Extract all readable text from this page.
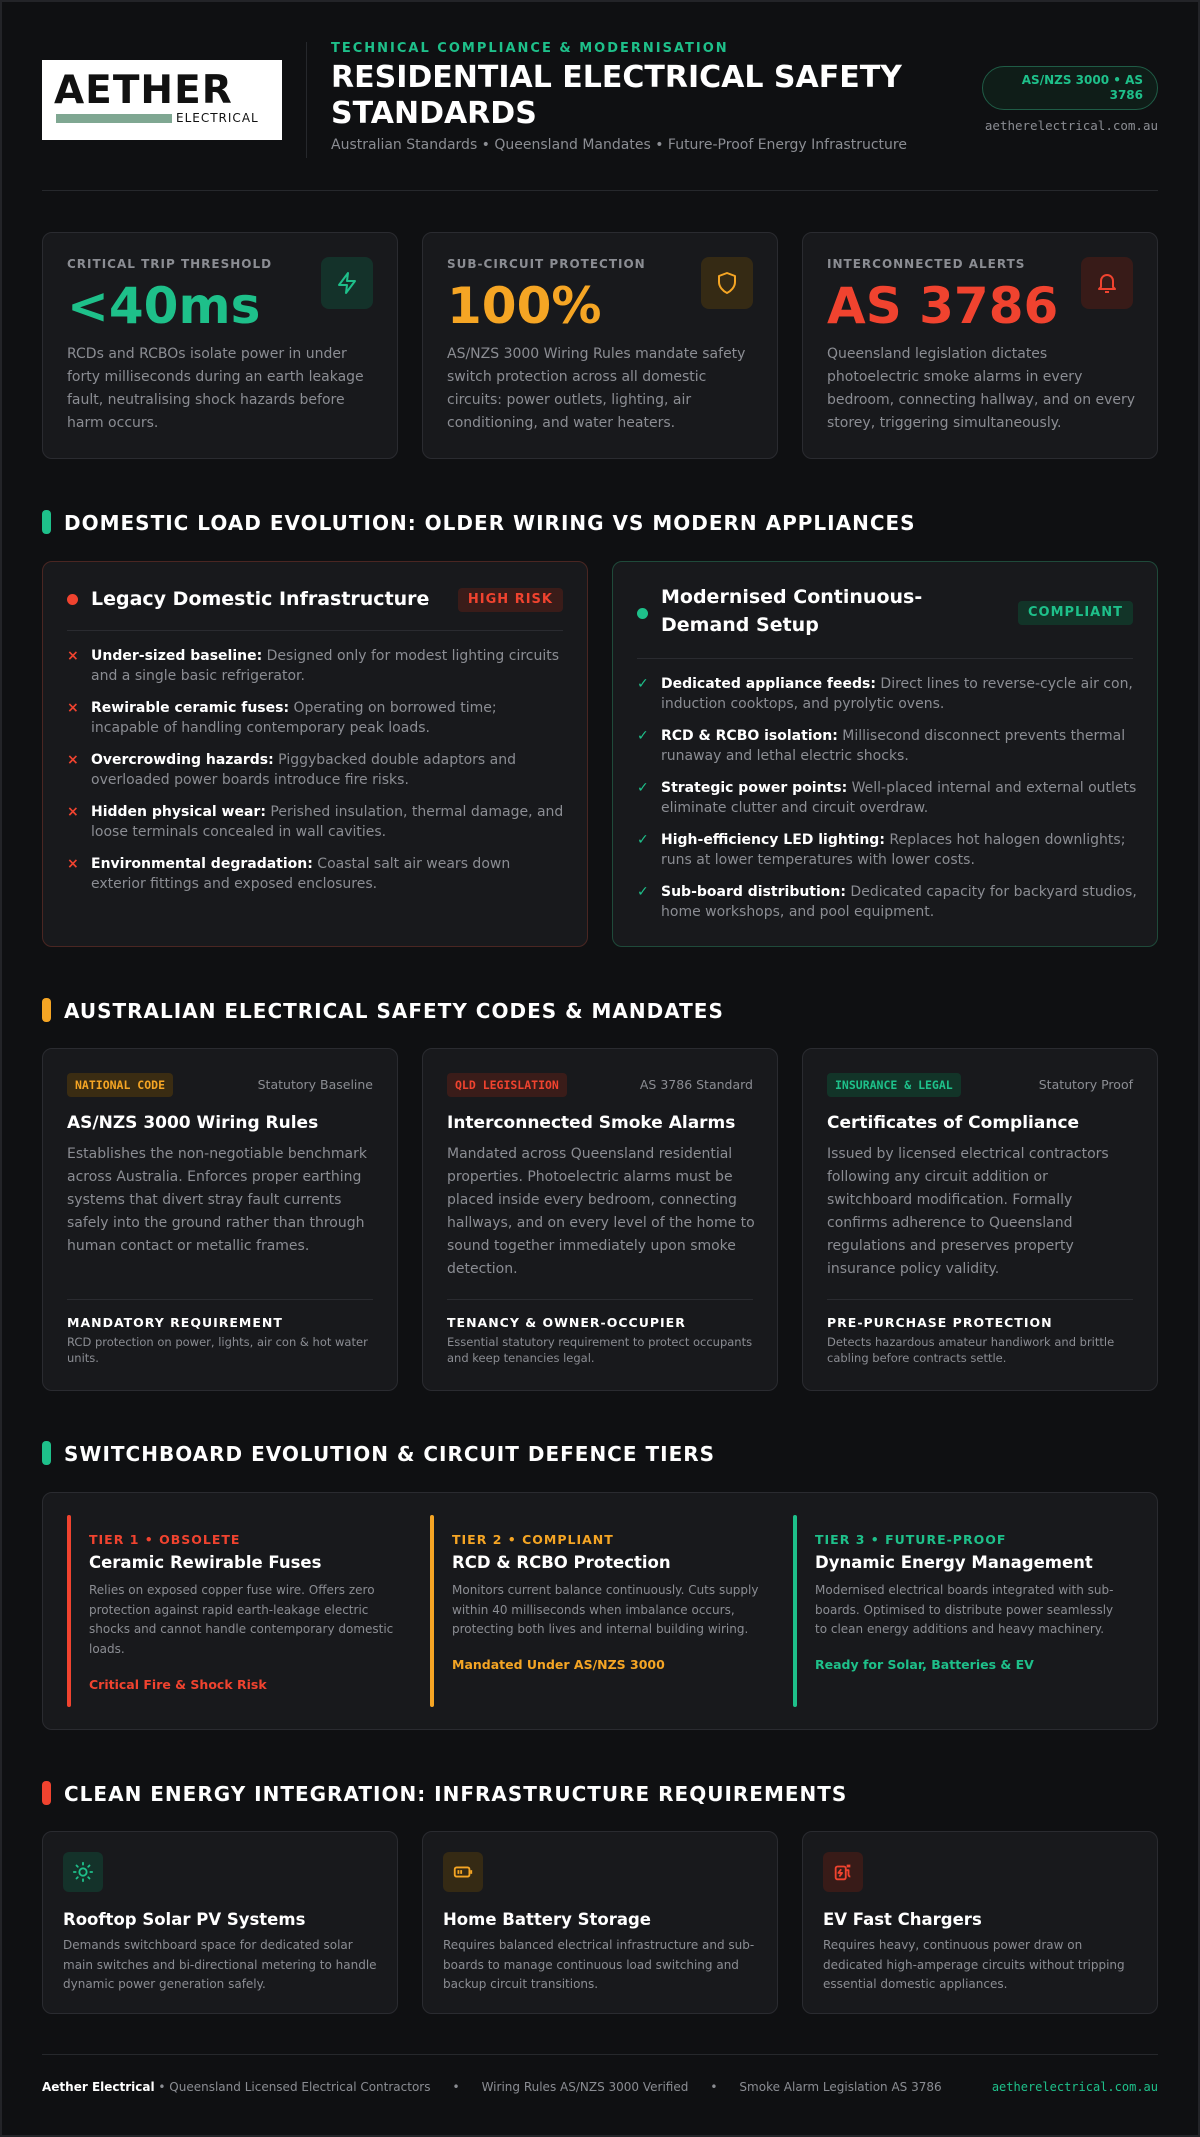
AETHER
ELECTRICAL
TECHNICAL COMPLIANCE & MODERNISATION
RESIDENTIAL ELECTRICAL SAFETY STANDARDS
Australian Standards • Queensland Mandates • Future-Proof Energy Infrastructure
AS/NZS 3000 • AS 3786
aetherelectrical.com.au
CRITICAL TRIP THRESHOLD
<40ms
RCDs and RCBOs isolate power in under forty milliseconds during an earth leakage fault, neutralising shock hazards before harm occurs.
SUB-CIRCUIT PROTECTION
100%
AS/NZS 3000 Wiring Rules mandate safety switch protection across all domestic circuits: power outlets, lighting, air conditioning, and water heaters.
INTERCONNECTED ALERTS
AS 3786
Queensland legislation dictates photoelectric smoke alarms in every bedroom, connecting hallway, and on every storey, triggering simultaneously.
DOMESTIC LOAD EVOLUTION: OLDER WIRING VS MODERN APPLIANCES
Legacy Domestic Infrastructure	HIGH RISK
× Under-sized baseline: Designed only for modest lighting circuits and a single basic refrigerator.
× Rewirable ceramic fuses: Operating on borrowed time; incapable of handling contemporary peak loads.
× Overcrowding hazards: Piggybacked double adaptors and overloaded power boards introduce fire risks.
× Hidden physical wear: Perished insulation, thermal damage, and loose terminals concealed in wall cavities.
× Environmental degradation: Coastal salt air wears down exterior fittings and exposed enclosures.
Modernised Continuous-Demand Setup
COMPLIANT
✓ Dedicated appliance feeds: Direct lines to reverse-cycle air con, induction cooktops, and pyrolytic ovens.
✓ RCD & RCBO isolation: Millisecond disconnect prevents thermal runaway and lethal electric shocks.
✓ Strategic power points: Well-placed internal and external outlets eliminate clutter and circuit overdraw.
✓ High-efficiency LED lighting: Replaces hot halogen downlights; runs at lower temperatures with lower costs.
✓ Sub-board distribution: Dedicated capacity for backyard studios, home workshops, and pool equipment.
AUSTRALIAN ELECTRICAL SAFETY CODES & MANDATES
NATIONAL CODE	Statutory Baseline
AS/NZS 3000 Wiring Rules
Establishes the non-negotiable benchmark across Australia. Enforces proper earthing systems that divert stray fault currents safely into the ground rather than through human contact or metallic frames.
MANDATORY REQUIREMENT
RCD protection on power, lights, air con & hot water units.
QLD LEGISLATION	AS 3786 Standard
Interconnected Smoke Alarms
Mandated across Queensland residential properties. Photoelectric alarms must be placed inside every bedroom, connecting hallways, and on every level of the home to sound together immediately upon smoke detection.
TENANCY & OWNER-OCCUPIER
Essential statutory requirement to protect occupants and keep tenancies legal.
INSURANCE & LEGAL	Statutory Proof
Certificates of Compliance
Issued by licensed electrical contractors following any circuit addition or switchboard modification. Formally confirms adherence to Queensland regulations and preserves property insurance policy validity.
PRE-PURCHASE PROTECTION
Detects hazardous amateur handiwork and brittle cabling before contracts settle.
SWITCHBOARD EVOLUTION & CIRCUIT DEFENCE TIERS
TIER 1 • OBSOLETE
Ceramic Rewirable Fuses
Relies on exposed copper fuse wire. Offers zero protection against rapid earth-leakage electric shocks and cannot handle contemporary domestic loads.
Critical Fire & Shock Risk
TIER 2 • COMPLIANT
RCD & RCBO Protection
Monitors current balance continuously. Cuts supply within 40 milliseconds when imbalance occurs, protecting both lives and internal building wiring.
Mandated Under AS/NZS 3000
TIER 3 • FUTURE-PROOF
Dynamic Energy Management
Modernised electrical boards integrated with sub-boards. Optimised to distribute power seamlessly to clean energy additions and heavy machinery.
Ready for Solar, Batteries & EV
CLEAN ENERGY INTEGRATION: INFRASTRUCTURE REQUIREMENTS
Rooftop Solar PV Systems
Demands switchboard space for dedicated solar main switches and bi-directional metering to handle dynamic power generation safely.
Home Battery Storage
Requires balanced electrical infrastructure and sub-boards to manage continuous load switching and backup circuit transitions.
EV Fast Chargers
Requires heavy, continuous power draw on dedicated high-amperage circuits without tripping essential domestic appliances.
Aether Electrical • Queensland Licensed Electrical Contractors • Wiring Rules AS/NZS 3000 Verified • Smoke Alarm Legislation AS 3786	aetherelectrical.com.au
